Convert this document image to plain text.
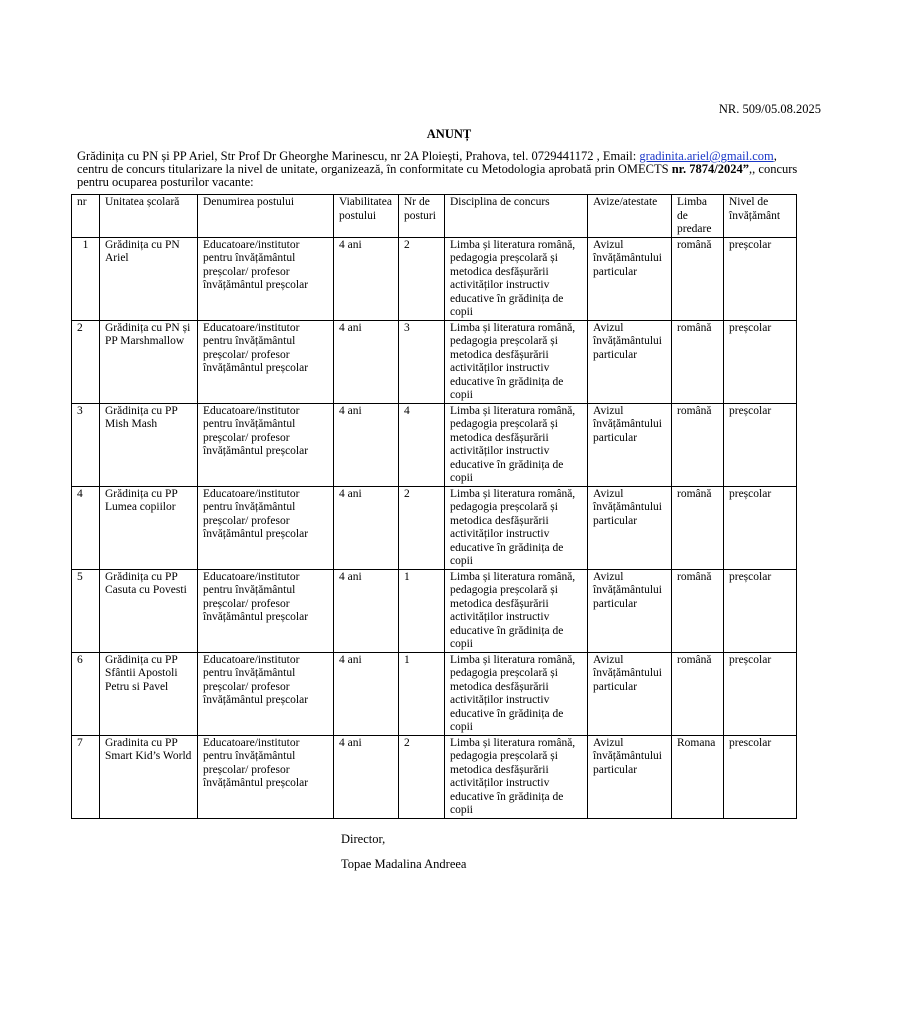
NR. 509/05.08.2025
ANUNȚ
Grădinița cu PN și PP Ariel, Str Prof Dr Gheorghe Marinescu, nr 2A Ploiești, Prahova, tel. 0729441172 , Email: gradinita.ariel@gmail.com,
centru de concurs titularizare la nivel de unitate, organizează, în conformitate cu Metodologia aprobată prin OMECTS nr. 7874/2024”,, concurs
pentru ocuparea posturilor vacante:
nr	Unitatea școlară	Denumirea postului	Viabilitatea postului	Nr de posturi	Disciplina de concurs	Avize/atestate	Limba de predare	Nivel de învățământ
1	Grădinița cu PN Ariel	Educatoare/institutor pentru învățământul preșcolar/ profesor învățământul preșcolar	4 ani	2	Limba și literatura română, pedagogia preșcolară și metodica desfășurării activităților instructiv educative în grădinița de copii	Avizul învățământului particular	română	preșcolar
2	Grădinița cu PN și PP Marshmallow	Educatoare/institutor pentru învățământul preșcolar/ profesor învățământul preșcolar	4 ani	3	Limba și literatura română, pedagogia preșcolară și metodica desfășurării activităților instructiv educative în grădinița de copii	Avizul învățământului particular	română	preșcolar
3	Grădinița cu PP Mish Mash	Educatoare/institutor pentru învățământul preșcolar/ profesor învățământul preșcolar	4 ani	4	Limba și literatura română, pedagogia preșcolară și metodica desfășurării activităților instructiv educative în grădinița de copii	Avizul învățământului particular	română	preșcolar
4	Grădinița cu PP Lumea copiilor	Educatoare/institutor pentru învățământul preșcolar/ profesor învățământul preșcolar	4 ani	2	Limba și literatura română, pedagogia preșcolară și metodica desfășurării activităților instructiv educative în grădinița de copii	Avizul învățământului particular	română	preșcolar
5	Grădinița cu PP Casuta cu Povesti	Educatoare/institutor pentru învățământul preșcolar/ profesor învățământul preșcolar	4 ani	1	Limba și literatura română, pedagogia preșcolară și metodica desfășurării activităților instructiv educative în grădinița de copii	Avizul învățământului particular	română	preșcolar
6	Grădinița cu PP Sfântii Apostoli Petru si Pavel	Educatoare/institutor pentru învățământul preșcolar/ profesor învățământul preșcolar	4 ani	1	Limba și literatura română, pedagogia preșcolară și metodica desfășurării activităților instructiv educative în grădinița de copii	Avizul învățământului particular	română	preșcolar
7	Gradinita cu PP Smart Kid’s World	Educatoare/institutor pentru învățământul preșcolar/ profesor învățământul preșcolar	4 ani	2	Limba și literatura română, pedagogia preșcolară și metodica desfășurării activităților instructiv educative în grădinița de copii	Avizul învățământului particular	Romana	prescolar
Director,
Topae Madalina Andreea
